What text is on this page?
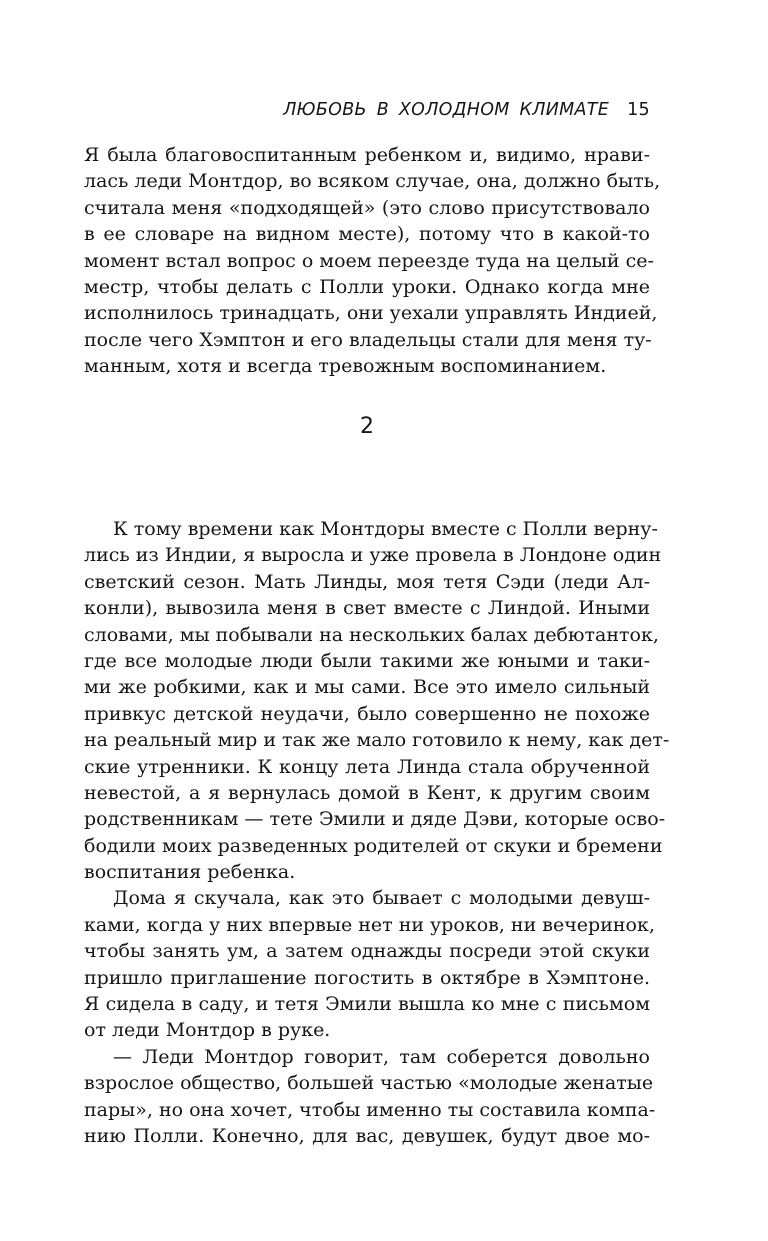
ЛЮБОВЬ В ХОЛОДНОМ КЛИМАТЕ 15
Я была благовоспитанным ребенком и, видимо, нрави-
лась леди Монтдор, во всяком случае, она, должно быть,
считала меня «подходящей» (это слово присутствовало
в ее словаре на видном месте), потому что в какой-то
момент встал вопрос о моем переезде туда на целый се-
местр, чтобы делать с Полли уроки. Однако когда мне
исполнилось тринадцать, они уехали управлять Индией,
после чего Хэмптон и его владельцы стали для меня ту-
манным, хотя и всегда тревожным воспоминанием.
2
К тому времени как Монтдоры вместе с Полли верну-
лись из Индии, я выросла и уже провела в Лондоне один
светский сезон. Мать Линды, моя тетя Сэди (леди Ал-
конли), вывозила меня в свет вместе с Линдой. Иными
словами, мы побывали на нескольких балах дебютанток,
где все молодые люди были такими же юными и таки-
ми же робкими, как и мы сами. Все это имело сильный
привкус детской неудачи, было совершенно не похоже
на реальный мир и так же мало готовило к нему, как дет-
ские утренники. К концу лета Линда стала обрученной
невестой, а я вернулась домой в Кент, к другим своим
родственникам — тете Эмили и дяде Дэви, которые осво-
бодили моих разведенных родителей от скуки и бремени
воспитания ребенка.
Дома я скучала, как это бывает с молодыми девуш-
ками, когда у них впервые нет ни уроков, ни вечеринок,
чтобы занять ум, а затем однажды посреди этой скуки
пришло приглашение погостить в октябре в Хэмптоне.
Я сидела в саду, и тетя Эмили вышла ко мне с письмом
от леди Монтдор в руке.
— Леди Монтдор говорит, там соберется довольно
взрослое общество, большей частью «молодые женатые
пары», но она хочет, чтобы именно ты составила компа-
нию Полли. Конечно, для вас, девушек, будут двое мо-
